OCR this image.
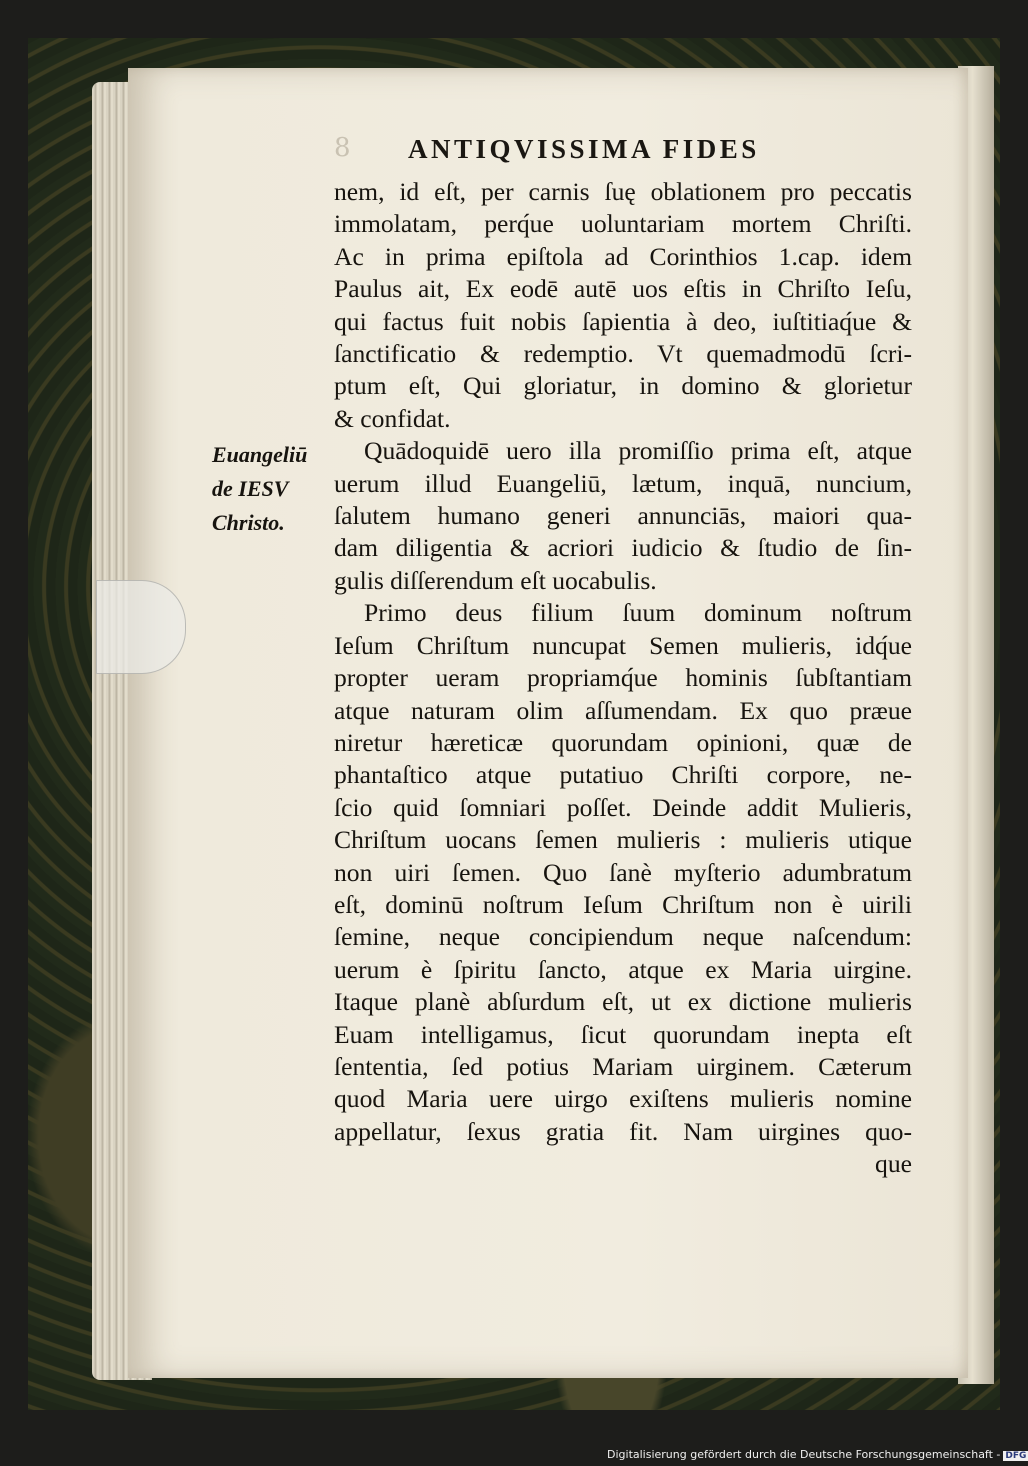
8 ANTIQVISSIMA FIDES
Euangeliū
de IESV
Christo.
nem, id eſt, per carnis ſuę oblationem pro peccatis
immolatam, perq́ue uoluntariam mortem Chriſti.
Ac in prima epiſtola ad Corinthios 1.cap. idem
Paulus ait, Ex eodē autē uos eſtis in Chriſto Ieſu,
qui factus fuit nobis ſapientia à deo, iuſtitiaq́ue &
ſanctificatio & redemptio. Vt quemadmodū ſcri-
ptum eſt, Qui gloriatur, in domino & glorietur
& confidat.
Quādoquidē uero illa promiſſio prima eſt, atque
uerum illud Euangeliū, lætum, inquā, nuncium,
ſalutem humano generi annunciās, maiori qua-
dam diligentia & acriori iudicio & ſtudio de ſin-
gulis diſſerendum eſt uocabulis.
Primo deus filium ſuum dominum noſtrum
Ieſum Chriſtum nuncupat Semen mulieris, idq́ue
propter ueram propriamq́ue hominis ſubſtantiam
atque naturam olim aſſumendam. Ex quo præue
niretur hæreticæ quorundam opinioni, quæ de
phantaſtico atque putatiuo Chriſti corpore, ne-
ſcio quid ſomniari poſſet. Deinde addit Mulieris,
Chriſtum uocans ſemen mulieris : mulieris utique
non uiri ſemen. Quo ſanè myſterio adumbratum
eſt, dominū noſtrum Ieſum Chriſtum non è uirili
ſemine, neque concipiendum neque naſcendum:
uerum è ſpiritu ſancto, atque ex Maria uirgine.
Itaque planè abſurdum eſt, ut ex dictione mulieris
Euam intelligamus, ſicut quorundam inepta eſt
ſententia, ſed potius Mariam uirginem. Cæterum
quod Maria uere uirgo exiſtens mulieris nomine
appellatur, ſexus gratia fit. Nam uirgines quo-
que
Digitalisierung gefördert durch die Deutsche Forschungsgemeinschaft - DFG
